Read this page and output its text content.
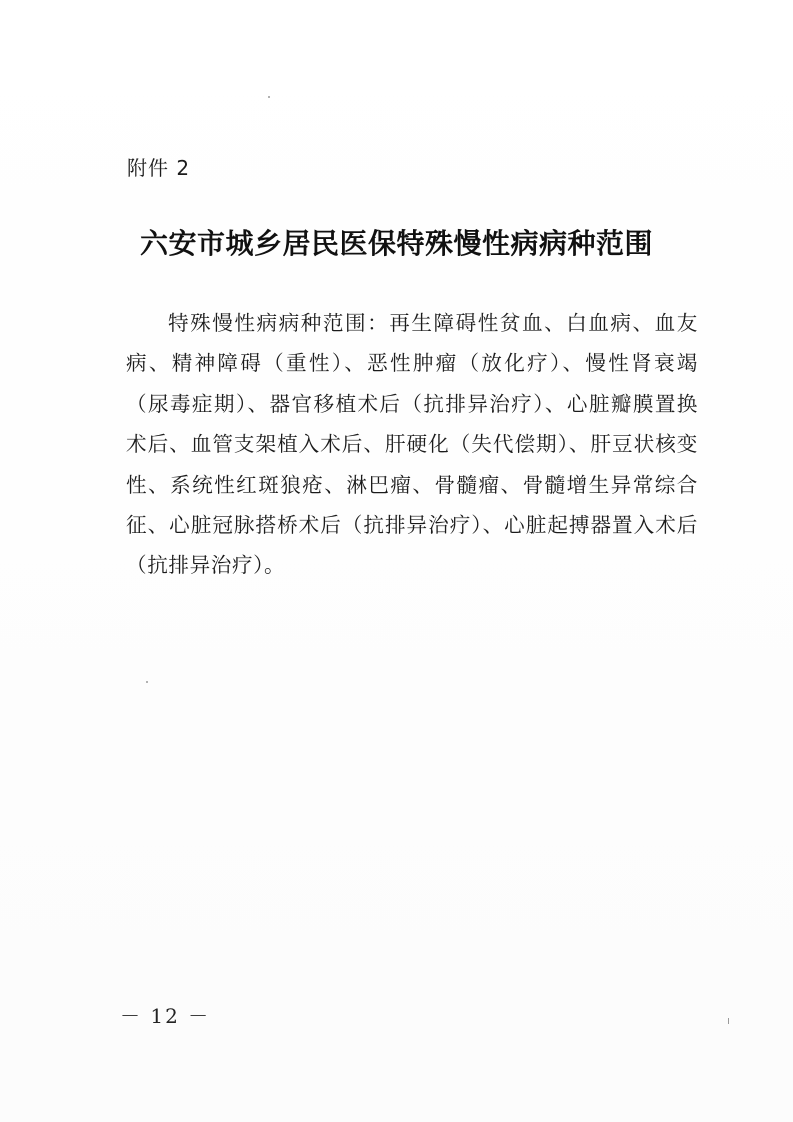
附件 2
六安市城乡居民医保特殊慢性病病种范围

特殊慢性病病种范围：再生障碍性贫血、白血病、血友病、精神障碍（重性）、恶性肿瘤（放化疗）、慢性肾衰竭（尿毒症期）、器官移植术后（抗排异治疗）、心脏瓣膜置换术后、血管支架植入术后、肝硬化（失代偿期）、肝豆状核变性、系统性红斑狼疮、淋巴瘤、骨髓瘤、骨髓增生异常综合征、心脏冠脉搭桥术后（抗排异治疗）、心脏起搏器置入术后（抗排异治疗）。

－ 12 －
